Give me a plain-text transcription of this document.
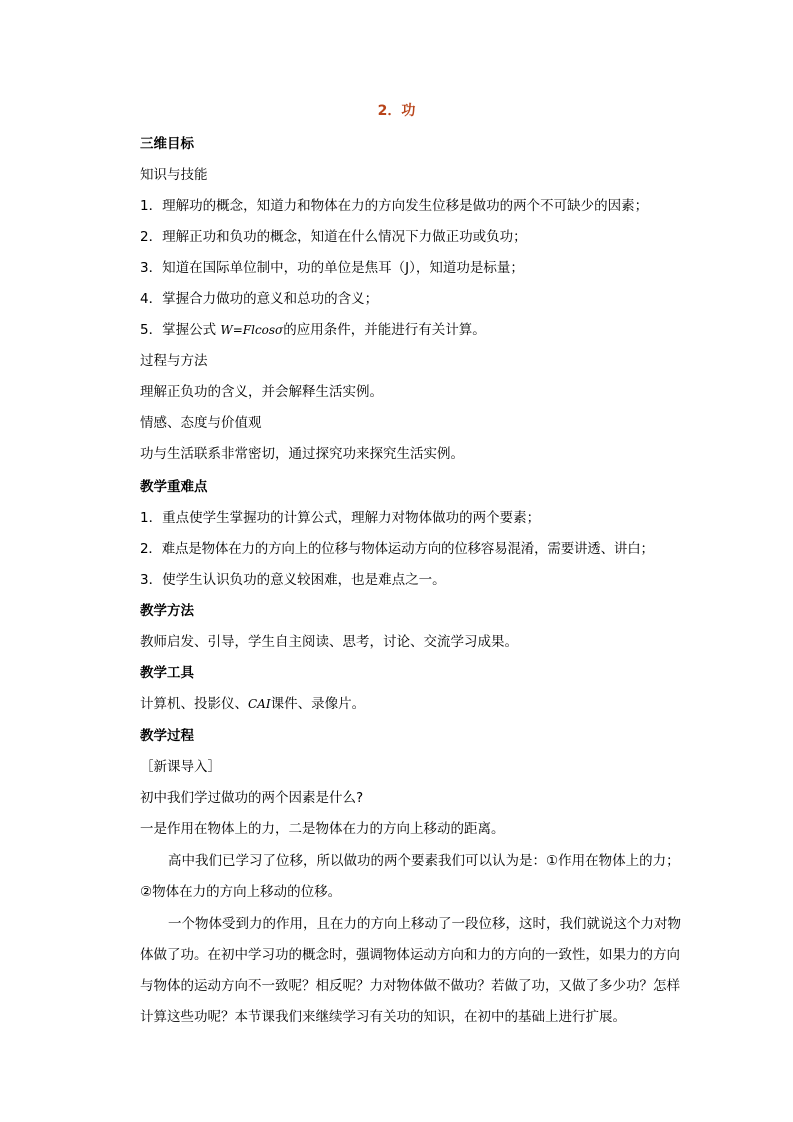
2．功
三维目标
知识与技能
1．理解功的概念，知道力和物体在力的方向发生位移是做功的两个不可缺少的因素；
2．理解正功和负功的概念，知道在什么情况下力做正功或负功；
3．知道在国际单位制中，功的单位是焦耳（J），知道功是标量；
4．掌握合力做功的意义和总功的含义；
5．掌握公式 W=Flcosσ的应用条件，并能进行有关计算。
过程与方法
理解正负功的含义，并会解释生活实例。
情感、态度与价值观
功与生活联系非常密切，通过探究功来探究生活实例。
教学重难点
1．重点使学生掌握功的计算公式，理解力对物体做功的两个要素；
2．难点是物体在力的方向上的位移与物体运动方向的位移容易混淆，需要讲透、讲白；
3．使学生认识负功的意义较困难，也是难点之一。
教学方法
教师启发、引导，学生自主阅读、思考，讨论、交流学习成果。
教学工具
计算机、投影仪、CAI课件、录像片。
教学过程
［新课导入］
初中我们学过做功的两个因素是什么?
一是作用在物体上的力，二是物体在力的方向上移动的距离。
高中我们已学习了位移，所以做功的两个要素我们可以认为是：①作用在物体上的力；
②物体在力的方向上移动的位移。
一个物体受到力的作用，且在力的方向上移动了一段位移，这时，我们就说这个力对物
体做了功。在初中学习功的概念时，强调物体运动方向和力的方向的一致性，如果力的方向
与物体的运动方向不一致呢？相反呢？力对物体做不做功？若做了功，又做了多少功？怎样
计算这些功呢？本节课我们来继续学习有关功的知识，在初中的基础上进行扩展。
